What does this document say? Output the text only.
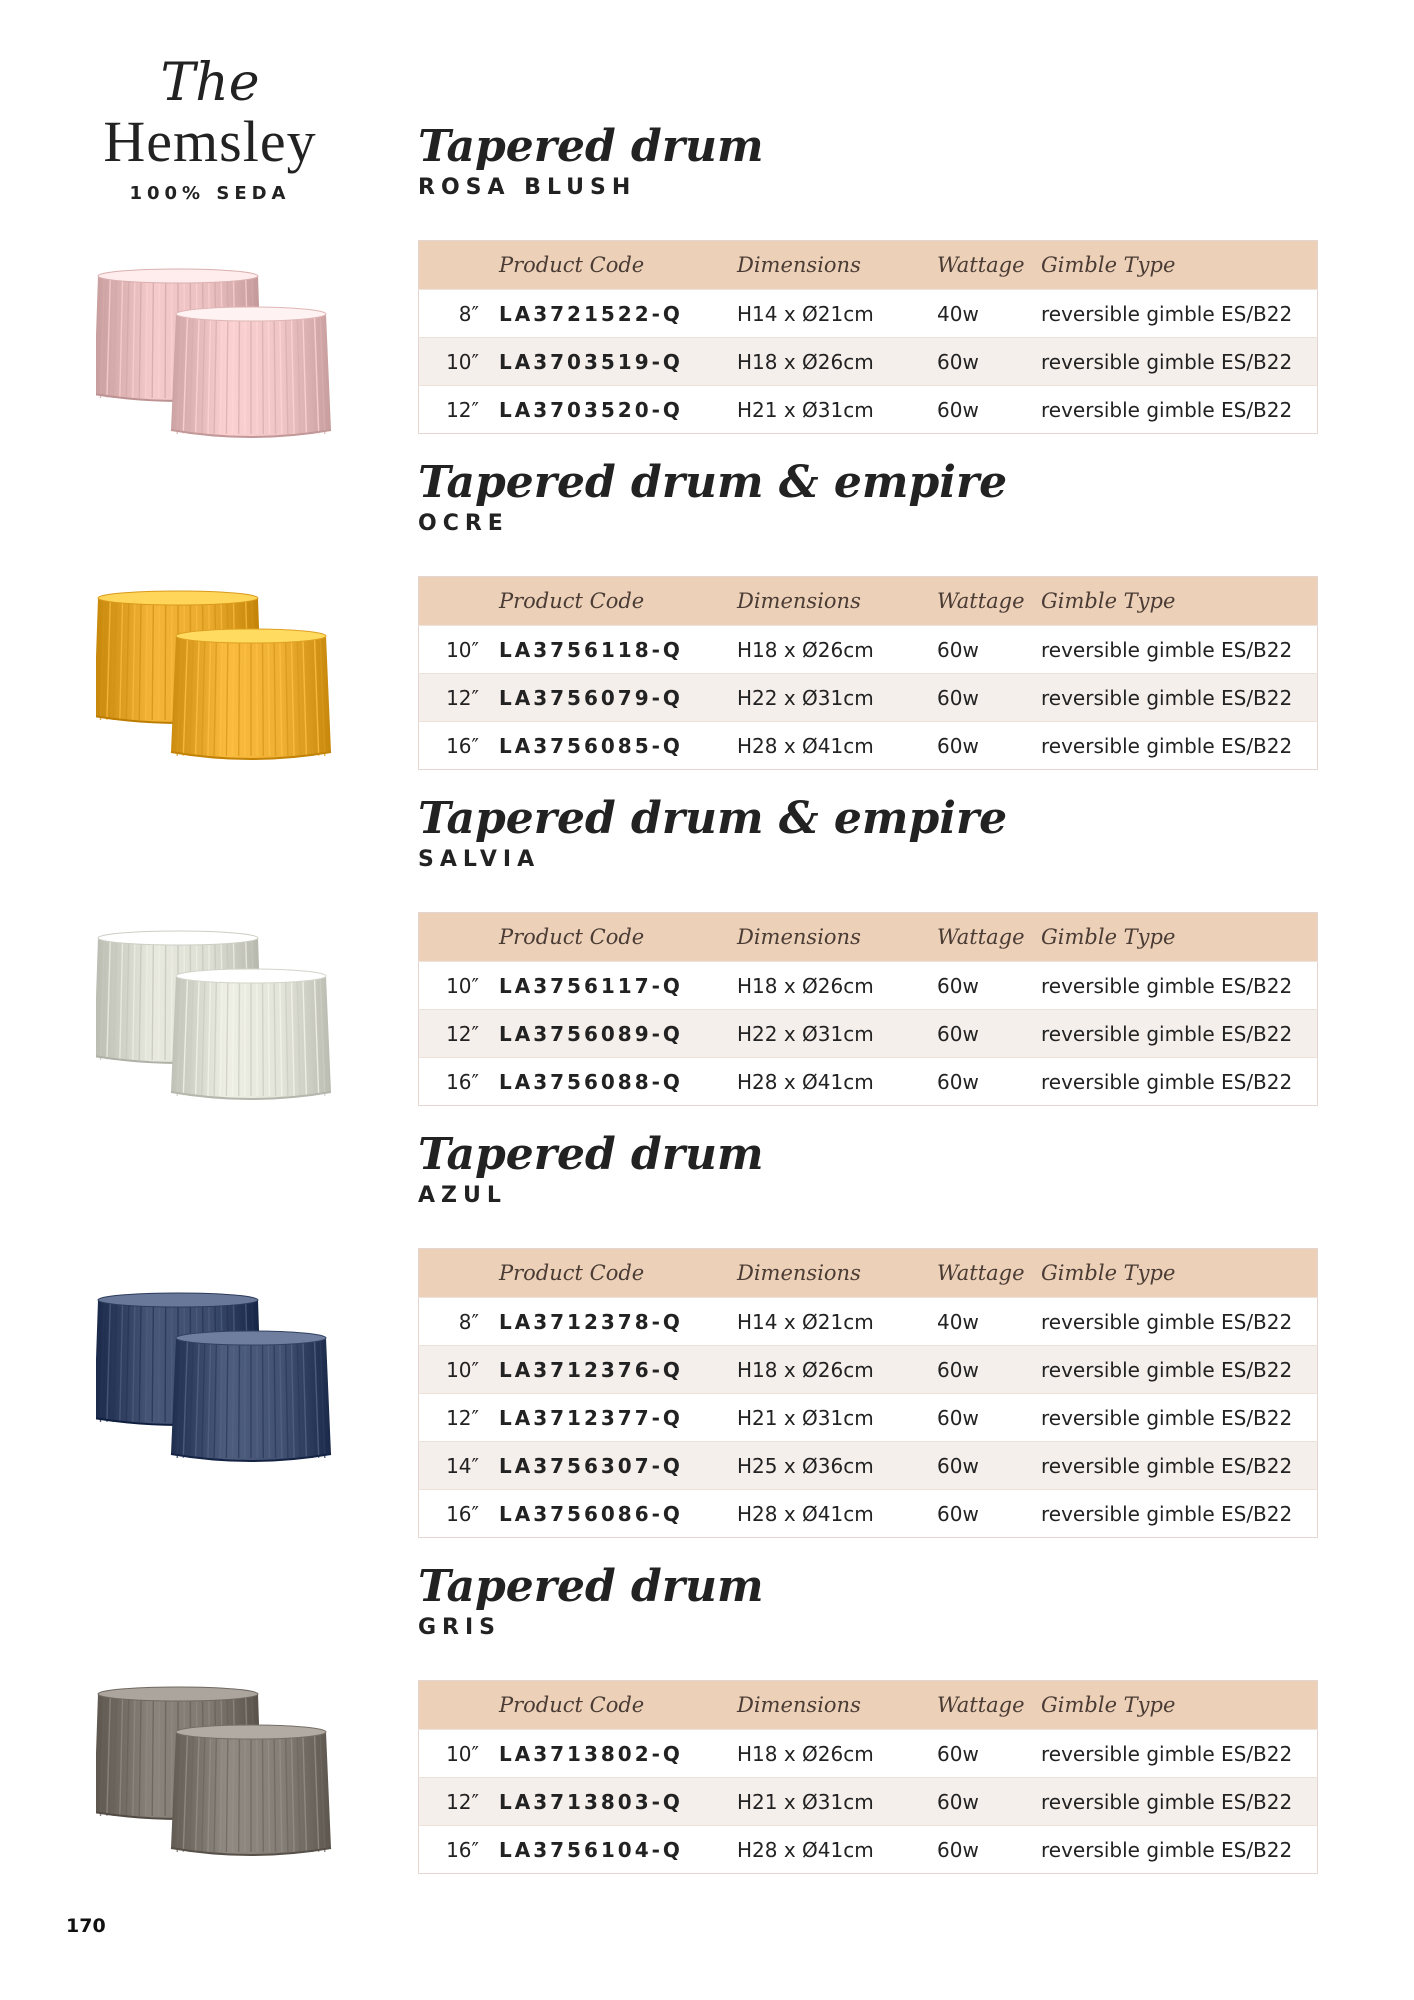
The
Hemsley
100% SEDA
Tapered drum
ROSA BLUSH
	Product Code	Dimensions	Wattage	Gimble Type
8″	LA3721522-Q	H14 x Ø21cm	40w	reversible gimble ES/B22
10″	LA3703519-Q	H18 x Ø26cm	60w	reversible gimble ES/B22
12″	LA3703520-Q	H21 x Ø31cm	60w	reversible gimble ES/B22
Tapered drum & empire
OCRE
	Product Code	Dimensions	Wattage	Gimble Type
10″	LA3756118-Q	H18 x Ø26cm	60w	reversible gimble ES/B22
12″	LA3756079-Q	H22 x Ø31cm	60w	reversible gimble ES/B22
16″	LA3756085-Q	H28 x Ø41cm	60w	reversible gimble ES/B22
Tapered drum & empire
SALVIA
	Product Code	Dimensions	Wattage	Gimble Type
10″	LA3756117-Q	H18 x Ø26cm	60w	reversible gimble ES/B22
12″	LA3756089-Q	H22 x Ø31cm	60w	reversible gimble ES/B22
16″	LA3756088-Q	H28 x Ø41cm	60w	reversible gimble ES/B22
Tapered drum
AZUL
	Product Code	Dimensions	Wattage	Gimble Type
8″	LA3712378-Q	H14 x Ø21cm	40w	reversible gimble ES/B22
10″	LA3712376-Q	H18 x Ø26cm	60w	reversible gimble ES/B22
12″	LA3712377-Q	H21 x Ø31cm	60w	reversible gimble ES/B22
14″	LA3756307-Q	H25 x Ø36cm	60w	reversible gimble ES/B22
16″	LA3756086-Q	H28 x Ø41cm	60w	reversible gimble ES/B22
Tapered drum
GRIS
	Product Code	Dimensions	Wattage	Gimble Type
10″	LA3713802-Q	H18 x Ø26cm	60w	reversible gimble ES/B22
12″	LA3713803-Q	H21 x Ø31cm	60w	reversible gimble ES/B22
16″	LA3756104-Q	H28 x Ø41cm	60w	reversible gimble ES/B22
170
